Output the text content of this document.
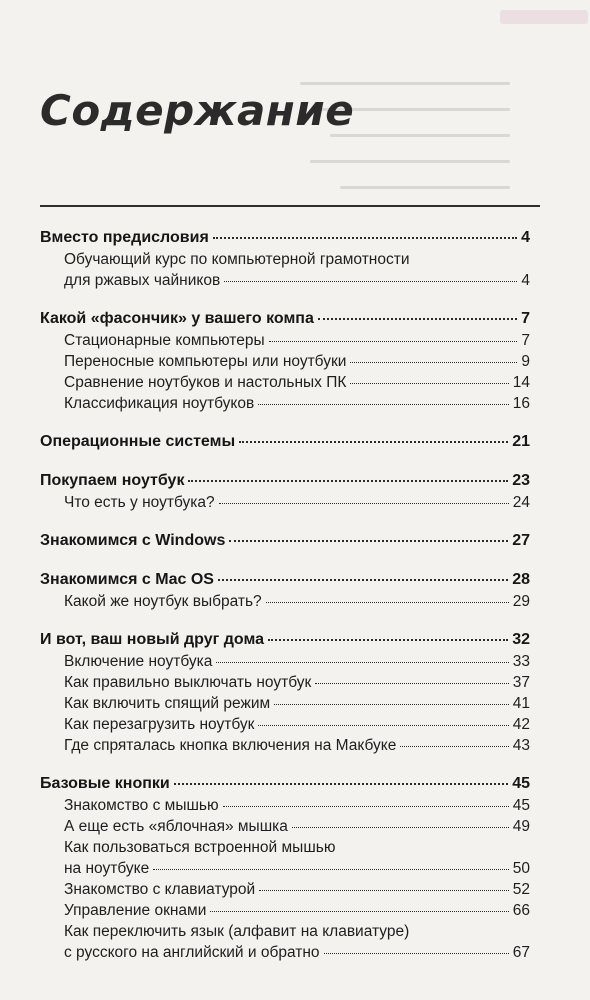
Содержание
Вместо предисловия	4
Обучающий курс по компьютерной грамотности
для ржавых чайников	4
Какой «фасончик» у вашего компа	7
Стационарные компьютеры	7
Переносные компьютеры или ноутбуки	9
Сравнение ноутбуков и настольных ПК	14
Классификация ноутбуков	16
Операционные системы	21
Покупаем ноутбук	23
Что есть у ноутбука?	24
Знакомимся с Windows	27
Знакомимся с Mac OS	28
Какой же ноутбук выбрать?	29
И вот, ваш новый друг дома	32
Включение ноутбука	33
Как правильно выключать ноутбук	37
Как включить спящий режим	41
Как перезагрузить ноутбук	42
Где спряталась кнопка включения на Макбуке	43
Базовые кнопки	45
Знакомство с мышью	45
А еще есть «яблочная» мышка	49
Как пользоваться встроенной мышью
на ноутбуке	50
Знакомство с клавиатурой	52
Управление окнами	66
Как переключить язык (алфавит на клавиатуре)
с русского на английский и обратно	67
